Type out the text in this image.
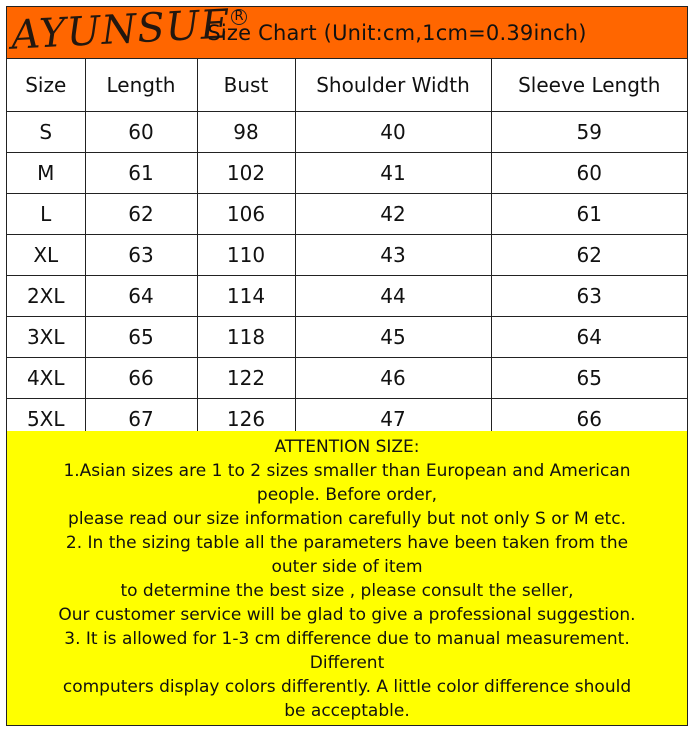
AYUNSUE R
Size Chart (Unit:cm,1cm=0.39inch)
Size	Length	Bust	Shoulder Width	Sleeve Length
S	60	98	40	59
M	61	102	41	60
L	62	106	42	61
XL	63	110	43	62
2XL	64	114	44	63
3XL	65	118	45	64
4XL	66	122	46	65
5XL	67	126	47	66
ATTENTION SIZE:
1.Asian sizes are 1 to 2 sizes smaller than European and American
people. Before order,
please read our size information carefully but not only S or M etc.
2. In the sizing table all the parameters have been taken from the
outer side of item
to determine the best size , please consult the seller,
Our customer service will be glad to give a professional suggestion.
3. It is allowed for 1-3 cm difference due to manual measurement.
Different
computers display colors differently. A little color difference should
be acceptable.
